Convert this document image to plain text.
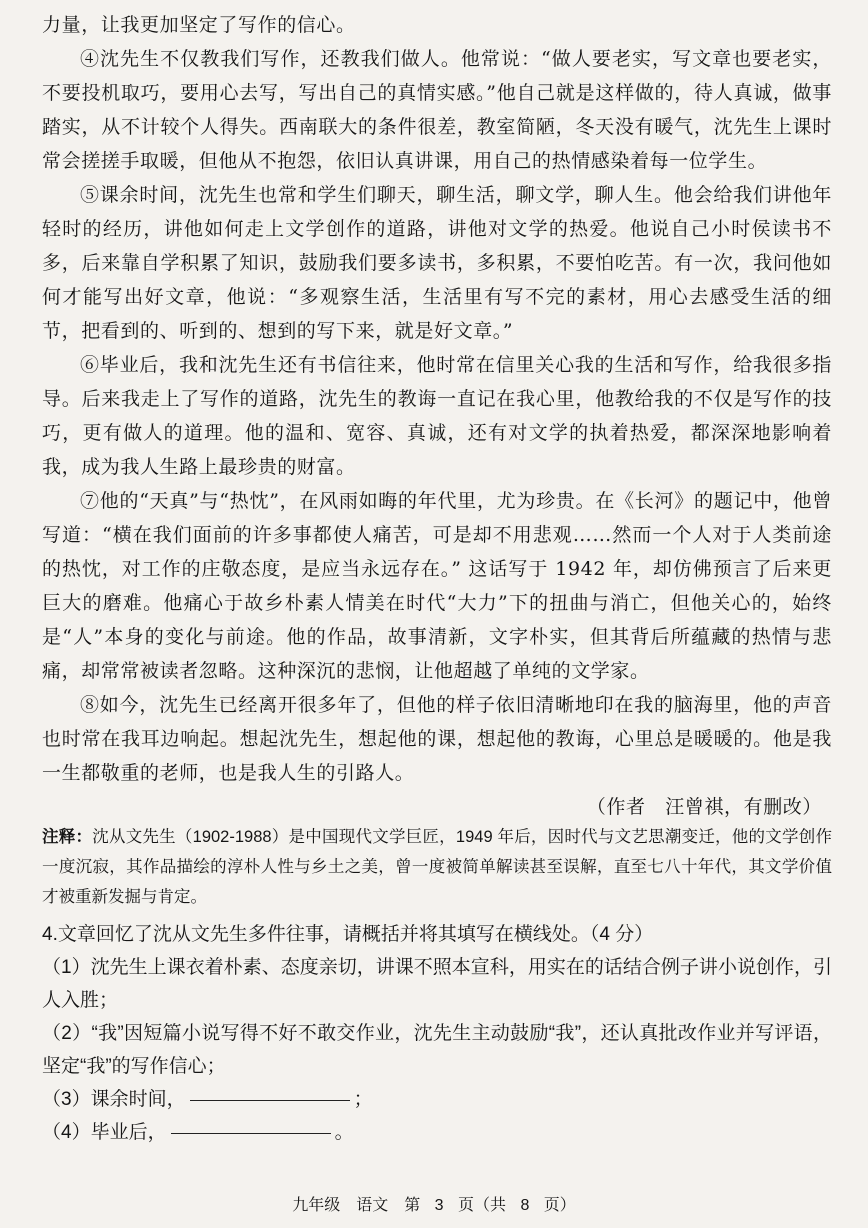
力量，让我更加坚定了写作的信心。

④沈先生不仅教我们写作，还教我们做人。他常说：“做人要老实，写文章也要老实，不要投机取巧，要用心去写，写出自己的真情实感。”他自己就是这样做的，待人真诚，做事踏实，从不计较个人得失。西南联大的条件很差，教室简陋，冬天没有暖气，沈先生上课时常会搓搓手取暖，但他从不抱怨，依旧认真讲课，用自己的热情感染着每一位学生。

⑤课余时间，沈先生也常和学生们聊天，聊生活，聊文学，聊人生。他会给我们讲他年轻时的经历，讲他如何走上文学创作的道路，讲他对文学的热爱。他说自己小时侯读书不多，后来靠自学积累了知识，鼓励我们要多读书，多积累，不要怕吃苦。有一次，我问他如何才能写出好文章，他说：“多观察生活，生活里有写不完的素材，用心去感受生活的细节，把看到的、听到的、想到的写下来，就是好文章。”

⑥毕业后，我和沈先生还有书信往来，他时常在信里关心我的生活和写作，给我很多指导。后来我走上了写作的道路，沈先生的教诲一直记在我心里，他教给我的不仅是写作的技巧，更有做人的道理。他的温和、宽容、真诚，还有对文学的执着热爱，都深深地影响着我，成为我人生路上最珍贵的财富。

⑦他的“天真”与“热忱”，在风雨如晦的年代里，尤为珍贵。在《长河》的题记中，他曾写道：“横在我们面前的许多事都使人痛苦，可是却不用悲观……然而一个人对于人类前途的热忱，对工作的庄敬态度，是应当永远存在。” 这话写于 1942 年，却仿佛预言了后来更巨大的磨难。他痛心于故乡朴素人情美在时代“大力”下的扭曲与消亡，但他关心的，始终是“人”本身的变化与前途。他的作品，故事清新，文字朴实，但其背后所蕴藏的热情与悲痛，却常常被读者忽略。这种深沉的悲悯，让他超越了单纯的文学家。

⑧如今，沈先生已经离开很多年了，但他的样子依旧清晰地印在我的脑海里，他的声音也时常在我耳边响起。想起沈先生，想起他的课，想起他的教诲，心里总是暖暖的。他是我一生都敬重的老师，也是我人生的引路人。

（作者　汪曾祺，有删改）

注释：沈从文先生（1902-1988）是中国现代文学巨匠，1949 年后，因时代与文艺思潮变迁，他的文学创作一度沉寂，其作品描绘的淳朴人性与乡土之美，曾一度被简单解读甚至误解，直至七八十年代，其文学价值才被重新发掘与肯定。

4.文章回忆了沈从文先生多件往事，请概括并将其填写在横线处。（4 分）

（1）沈先生上课衣着朴素、态度亲切，讲课不照本宣科，用实在的话结合例子讲小说创作，引人入胜；

（2）“我”因短篇小说写得不好不敢交作业，沈先生主动鼓励“我”，还认真批改作业并写评语，坚定“我”的写作信心；

（3）课余时间，	；

（4）毕业后，	。

九年级　语文　第 3 页（共 8 页）
